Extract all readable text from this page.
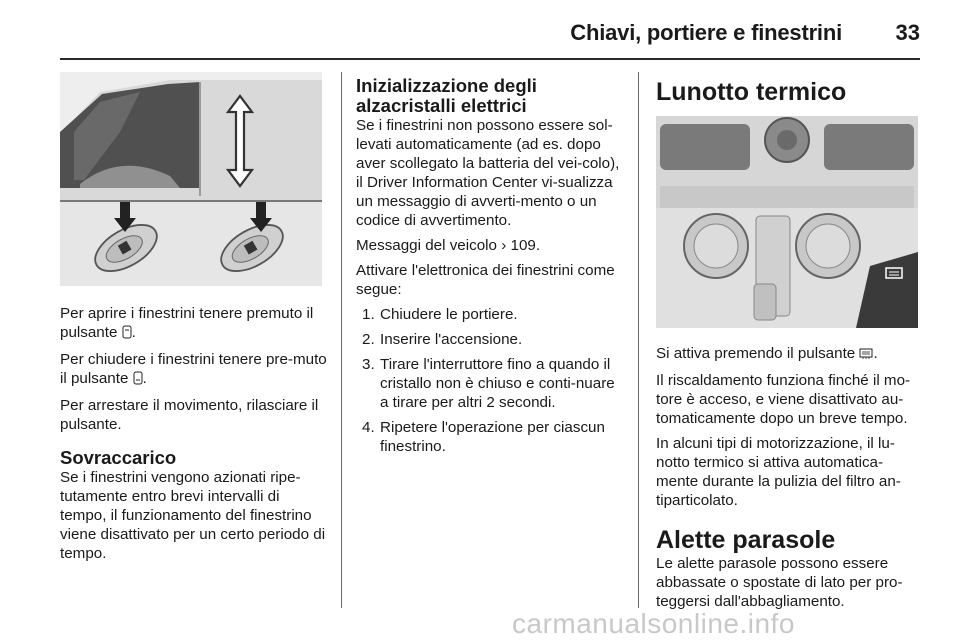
Chiavi, portiere e finestrini 33

Per aprire i finestrini tenere premuto il pulsante .

Per chiudere i finestrini tenere pre-muto il pulsante .

Per arrestare il movimento, rilasciare il pulsante.

Sovraccarico

Se i finestrini vengono azionati ripe-tutamente entro brevi intervalli di tempo, il funzionamento del finestrino viene disattivato per un certo periodo di tempo.

Inizializzazione degli alzacristalli elettrici

Se i finestrini non possono essere sol-levati automaticamente (ad es. dopo aver scollegato la batteria del vei-colo), il Driver Information Center vi-sualizza un messaggio di avverti-mento o un codice di avvertimento.

Messaggi del veicolo › 109.

Attivare l'elettronica dei finestrini come segue:

1. Chiudere le portiere.
2. Inserire l'accensione.
3. Tirare l'interruttore fino a quando il cristallo non è chiuso e conti-nuare a tirare per altri 2 secondi.
4. Ripetere l'operazione per ciascun finestrino.
Lunotto termico

Si attiva premendo il pulsante .

Il riscaldamento funziona finché il mo-tore è acceso, e viene disattivato au-tomaticamente dopo un breve tempo.

In alcuni tipi di motorizzazione, il lu-notto termico si attiva automatica-mente durante la pulizia del filtro an-tiparticolato.

Alette parasole

Le alette parasole possono essere abbassate o spostate di lato per pro-teggersi dall'abbagliamento.

carmanualsonline.info
